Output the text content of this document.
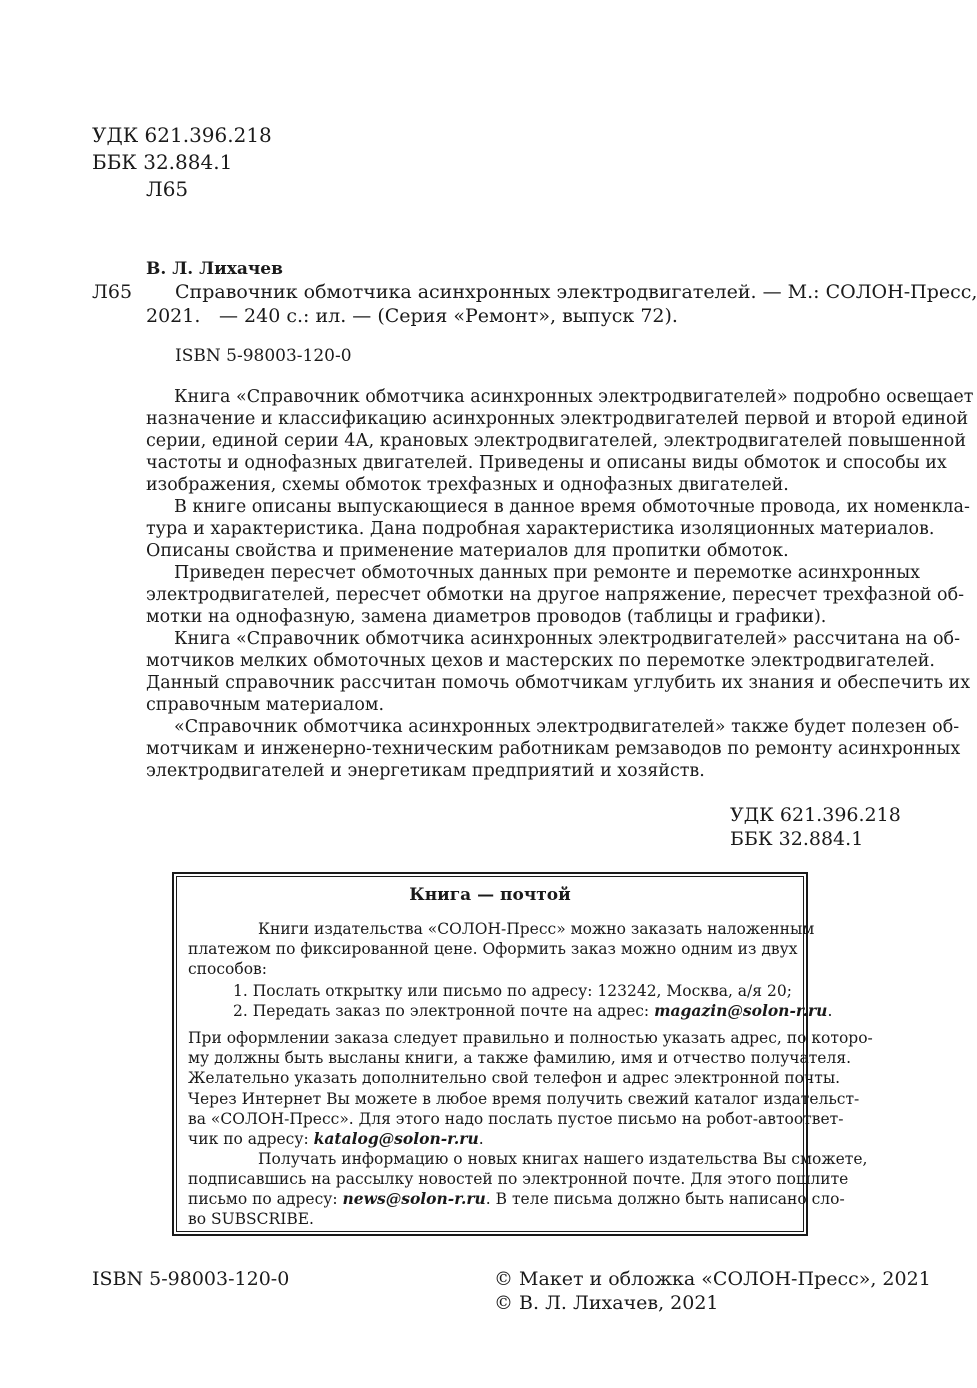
УДК 621.396.218

ББК 32.884.1

Л65

В. Л. Лихачев

Л65 Справочник обмотчика асинхронных электродвигателей. — М.: СОЛОН-Пресс,

2021. — 240 с.: ил. — (Серия «Ремонт», выпуск 72).

ISBN 5-98003-120-0

Книга «Справочник обмотчика асинхронных электродвигателей» подробно освещает

назначение и классификацию асинхронных электродвигателей первой и второй единой

серии, единой серии 4А, крановых электродвигателей, электродвигателей повышенной

частоты и однофазных двигателей. Приведены и описаны виды обмоток и способы их

изображения, схемы обмоток трехфазных и однофазных двигателей.

В книге описаны выпускающиеся в данное время обмоточные провода, их номенкла-

тура и характеристика. Дана подробная характеристика изоляционных материалов.

Описаны свойства и применение материалов для пропитки обмоток.

Приведен пересчет обмоточных данных при ремонте и перемотке асинхронных

электродвигателей, пересчет обмотки на другое напряжение, пересчет трехфазной об-

мотки на однофазную, замена диаметров проводов (таблицы и графики).

Книга «Справочник обмотчика асинхронных электродвигателей» рассчитана на об-

мотчиков мелких обмоточных цехов и мастерских по перемотке электродвигателей.

Данный справочник рассчитан помочь обмотчикам углубить их знания и обеспечить их

справочным материалом.

«Справочник обмотчика асинхронных электродвигателей» также будет полезен об-

мотчикам и инженерно-техническим работникам ремзаводов по ремонту асинхронных

электродвигателей и энергетикам предприятий и хозяйств.

УДК 621.396.218

ББК 32.884.1

Книга — почтой

Книги издательства «СОЛОН-Пресс» можно заказать наложенным

платежом по фиксированной цене. Оформить заказ можно одним из двух

способов:

1. Послать открытку или письмо по адресу: 123242, Москва, а/я 20;

2. Передать заказ по электронной почте на адрес: magazin@solon-r.ru.

При оформлении заказа следует правильно и полностью указать адрес, по которо-

му должны быть высланы книги, а также фамилию, имя и отчество получателя.

Желательно указать дополнительно свой телефон и адрес электронной почты.

Через Интернет Вы можете в любое время получить свежий каталог издательст-

ва «СОЛОН-Пресс». Для этого надо послать пустое письмо на робот-автоответ-

чик по адресу: katalog@solon-r.ru.

Получать информацию о новых книгах нашего издательства Вы сможете,

подписавшись на рассылку новостей по электронной почте. Для этого пошлите

письмо по адресу: news@solon-r.ru. В теле письма должно быть написано сло-

во SUBSCRIBE.

ISBN 5-98003-120-0	© Макет и обложка «СОЛОН-Пресс», 2021

© В. Л. Лихачев, 2021
